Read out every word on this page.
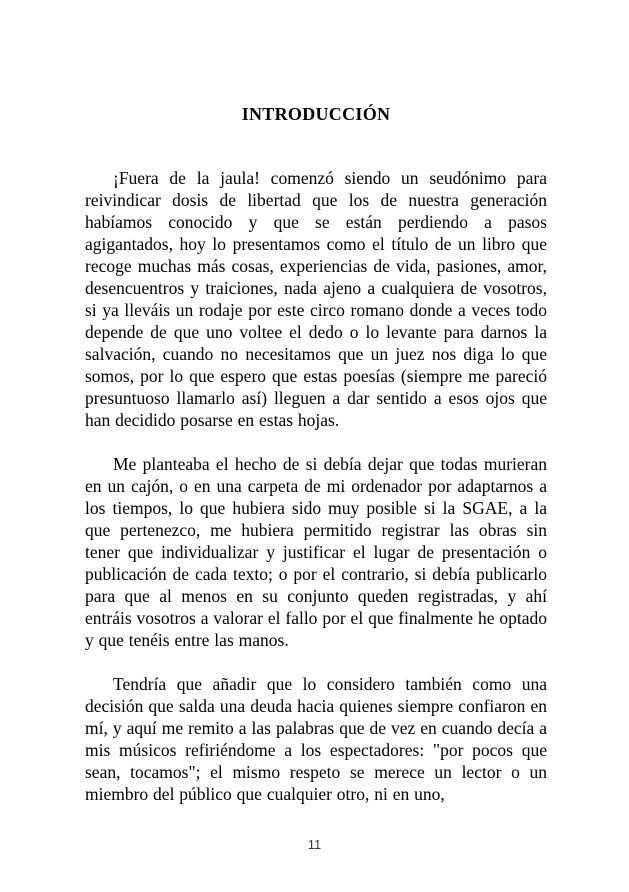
INTRODUCCIÓN

¡Fuera de la jaula! comenzó siendo un seudónimo para reivindicar dosis de libertad que los de nuestra generación habíamos conocido y que se están perdiendo a pasos agigantados, hoy lo presentamos como el título de un libro que recoge muchas más cosas, experiencias de vida, pasiones, amor, desencuentros y traiciones, nada ajeno a cualquiera de vosotros, si ya lleváis un rodaje por este circo romano donde a veces todo depende de que uno voltee el dedo o lo levante para darnos la salvación, cuando no necesitamos que un juez nos diga lo que somos, por lo que espero que estas poesías (siempre me pareció presuntuoso llamarlo así) lleguen a dar sentido a esos ojos que han decidido posarse en estas hojas.

Me planteaba el hecho de si debía dejar que todas murieran en un cajón, o en una carpeta de mi ordenador por adaptarnos a los tiempos, lo que hubiera sido muy posible si la SGAE, a la que pertenezco, me hubiera permitido registrar las obras sin tener que individualizar y justificar el lugar de presentación o publicación de cada texto; o por el contrario, si debía publicarlo para que al menos en su conjunto queden registradas, y ahí entráis vosotros a valorar el fallo por el que finalmente he optado y que tenéis entre las manos.

Tendría que añadir que lo considero también como una decisión que salda una deuda hacia quienes siempre confiaron en mí, y aquí me remito a las palabras que de vez en cuando decía a mis músicos refiriéndome a los espectadores: "por pocos que sean, tocamos"; el mismo respeto se merece un lector o un miembro del público que cualquier otro, ni en uno,

11
